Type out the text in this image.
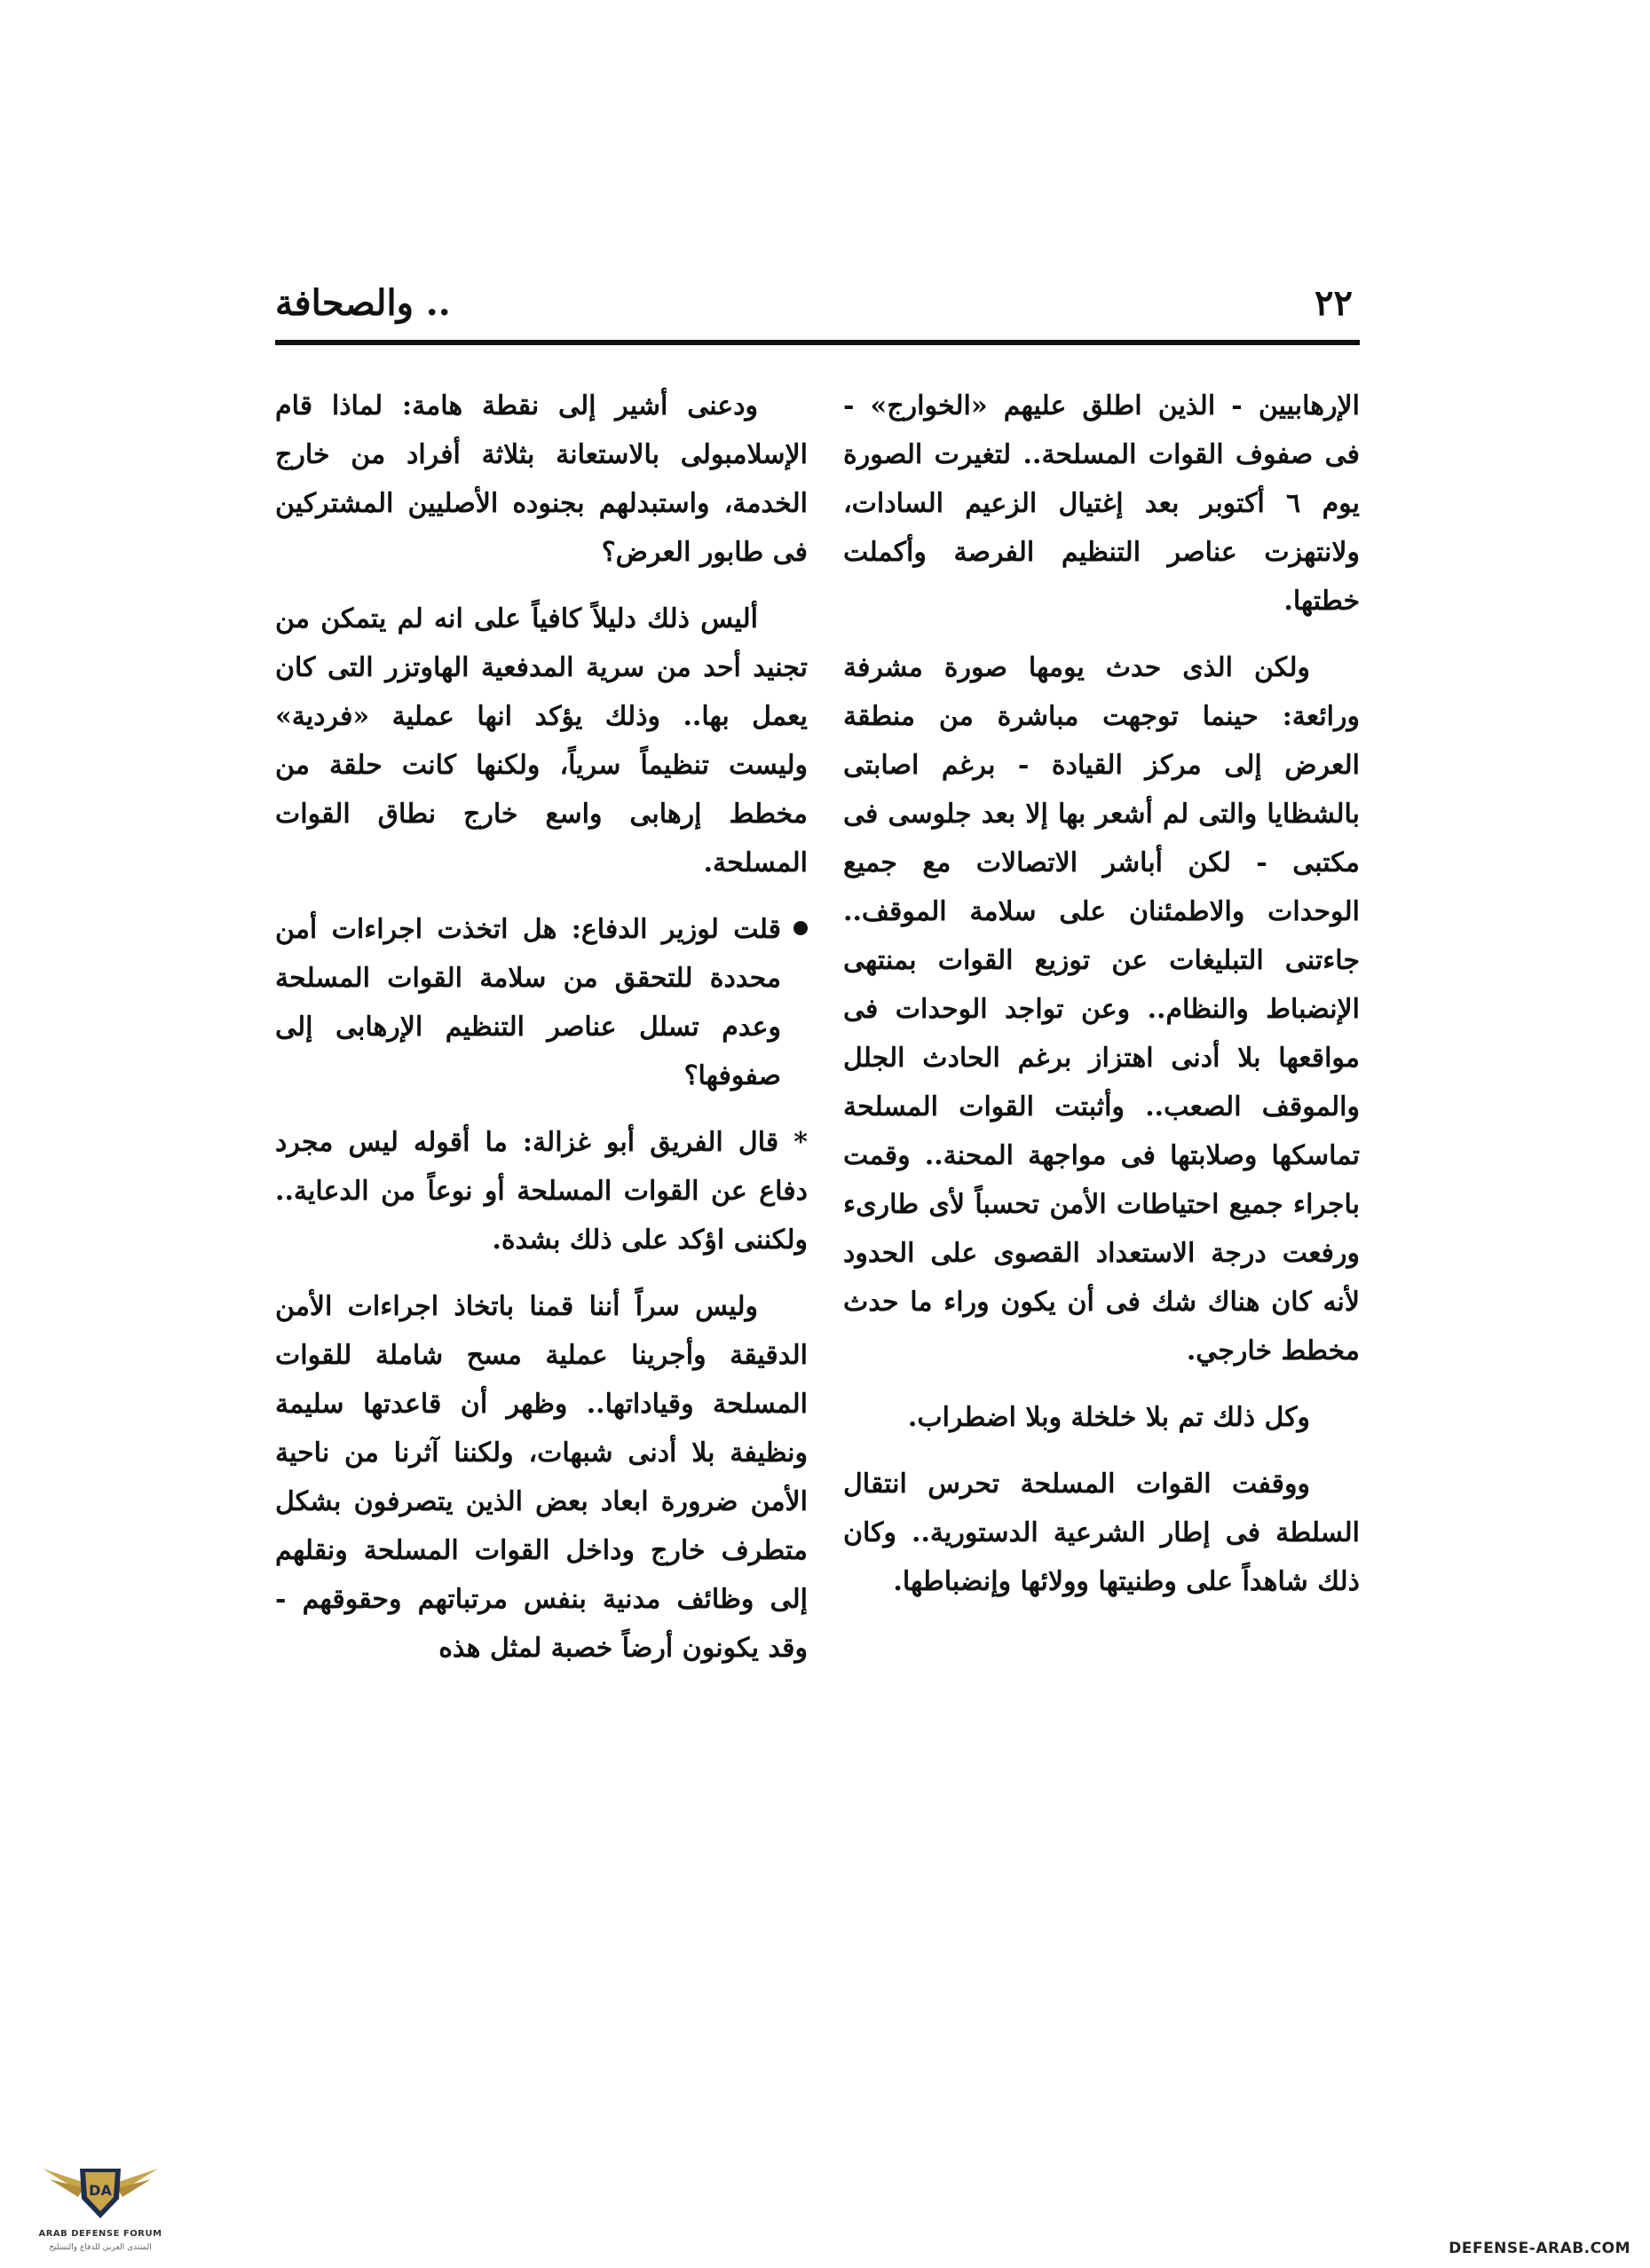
٢٢
.. والصحافة

الإرهابيين - الذين اطلق عليهم «الخوارج» - فى صفوف القوات المسلحة.. لتغيرت الصورة يوم ٦ أكتوبر بعد إغتيال الزعيم السادات، ولانتهزت عناصر التنظيم الفرصة وأكملت خطتها.

ولكن الذى حدث يومها صورة مشرفة ورائعة: حينما توجهت مباشرة من منطقة العرض إلى مركز القيادة - برغم اصابتى بالشظايا والتى لم أشعر بها إلا بعد جلوسى فى مكتبى - لكن أباشر الاتصالات مع جميع الوحدات والاطمئنان على سلامة الموقف.. جاءتنى التبليغات عن توزيع القوات بمنتهى الإنضباط والنظام.. وعن تواجد الوحدات فى مواقعها بلا أدنى اهتزاز برغم الحادث الجلل والموقف الصعب.. وأثبتت القوات المسلحة تماسكها وصلابتها فى مواجهة المحنة.. وقمت باجراء جميع احتياطات الأمن تحسباً لأى طارىء ورفعت درجة الاستعداد القصوى على الحدود لأنه كان هناك شك فى أن يكون وراء ما حدث مخطط خارجي.

وكل ذلك تم بلا خلخلة وبلا اضطراب.

ووقفت القوات المسلحة تحرس انتقال السلطة فى إطار الشرعية الدستورية.. وكان ذلك شاهداً على وطنيتها وولائها وإنضباطها.

ودعنى أشير إلى نقطة هامة: لماذا قام الإسلامبولى بالاستعانة بثلاثة أفراد من خارج الخدمة، واستبدلهم بجنوده الأصليين المشتركين فى طابور العرض؟

أليس ذلك دليلاً كافياً على انه لم يتمكن من تجنيد أحد من سرية المدفعية الهاوتزر التى كان يعمل بها.. وذلك يؤكد انها عملية «فردية» وليست تنظيماً سرياً، ولكنها كانت حلقة من مخطط إرهابى واسع خارج نطاق القوات المسلحة.

قلت لوزير الدفاع: هل اتخذت اجراءات أمن محددة للتحقق من سلامة القوات المسلحة وعدم تسلل عناصر التنظيم الإرهابى إلى صفوفها؟

* قال الفريق أبو غزالة: ما أقوله ليس مجرد دفاع عن القوات المسلحة أو نوعاً من الدعاية.. ولكننى اؤكد على ذلك بشدة.

وليس سراً أننا قمنا باتخاذ اجراءات الأمن الدقيقة وأجرينا عملية مسح شاملة للقوات المسلحة وقياداتها.. وظهر أن قاعدتها سليمة ونظيفة بلا أدنى شبهات، ولكننا آثرنا من ناحية الأمن ضرورة ابعاد بعض الذين يتصرفون بشكل متطرف خارج وداخل القوات المسلحة ونقلهم إلى وظائف مدنية بنفس مرتباتهم وحقوقهم - وقد يكونون أرضاً خصبة لمثل هذه

DA
ARAB DEFENSE FORUM
المنتدى العربي للدفاع والتسليح	DEFENSE-ARAB.COM
